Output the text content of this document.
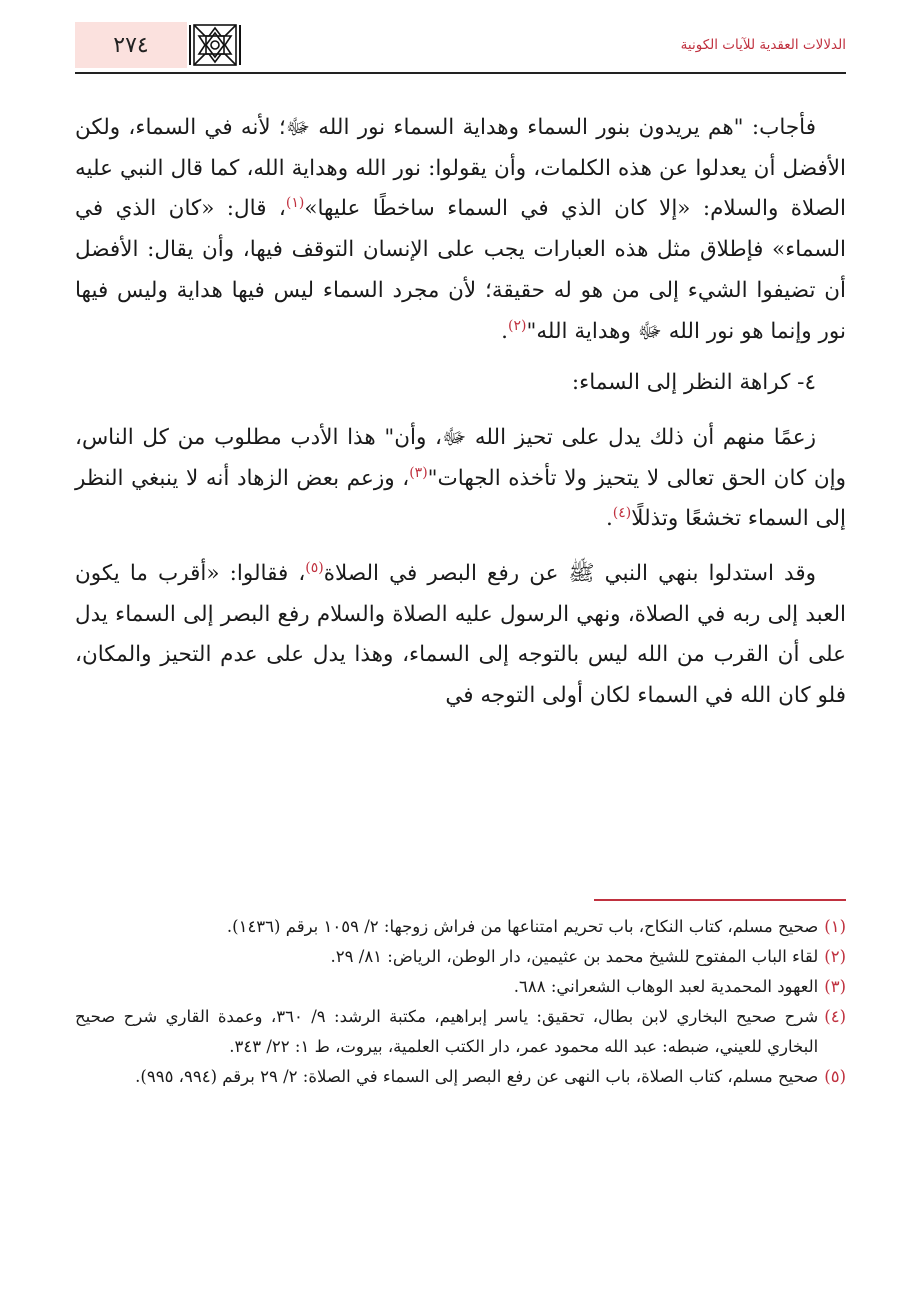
٢٧٤	الدلالات العقدية للآيات الكونية

فأجاب: "هم يريدون بنور السماء وهداية السماء نور الله ﷻ؛ لأنه في السماء، ولكن الأفضل أن يعدلوا عن هذه الكلمات، وأن يقولوا: نور الله وهداية الله، كما قال النبي عليه الصلاة والسلام: «إلا كان الذي في السماء ساخطًا عليها»$^{(١)}$، قال: «كان الذي في السماء» فإطلاق مثل هذه العبارات يجب على الإنسان التوقف فيها، وأن يقال: الأفضل أن تضيفوا الشيء إلى من هو له حقيقة؛ لأن مجرد السماء ليس فيها هداية وليس فيها نور وإنما هو نور الله ﷻ وهداية الله"$^{(٢)}$.

٤- كراهة النظر إلى السماء:

زعمًا منهم أن ذلك يدل على تحيز الله ﷻ، وأن" هذا الأدب مطلوب من كل الناس، وإن كان الحق تعالى لا يتحيز ولا تأخذه الجهات"$^{(٣)}$، وزعم بعض الزهاد أنه لا ينبغي النظر إلى السماء تخشعًا وتذللًا$^{(٤)}$.

وقد استدلوا بنهي النبي ﷺ عن رفع البصر في الصلاة$^{(٥)}$، فقالوا: «أقرب ما يكون العبد إلى ربه في الصلاة، ونهي الرسول عليه الصلاة والسلام رفع البصر إلى السماء يدل على أن القرب من الله ليس بالتوجه إلى السماء، وهذا يدل على عدم التحيز والمكان، فلو كان الله في السماء لكان أولى التوجه في

(١)
صحيح مسلم، كتاب النكاح، باب تحريم امتناعها من فراش زوجها: ٢/ ١٠٥٩ برقم (١٤٣٦).
(٢)
لقاء الباب المفتوح للشيخ محمد بن عثيمين، دار الوطن، الرياض: ٨١/ ٢٩.
(٣)
العهود المحمدية لعبد الوهاب الشعراني: ٦٨٨.
(٤)
شرح صحيح البخاري لابن بطال، تحقيق: ياسر إبراهيم، مكتبة الرشد: ٩/ ٣٦٠، وعمدة القاري شرح صحيح البخاري للعيني، ضبطه: عبد الله محمود عمر، دار الكتب العلمية، بيروت، ط ١: ٢٢/ ٣٤٣.
(٥)
صحيح مسلم، كتاب الصلاة، باب النهى عن رفع البصر إلى السماء في الصلاة: ٢/ ٢٩ برقم (٩٩٤، ٩٩٥).
